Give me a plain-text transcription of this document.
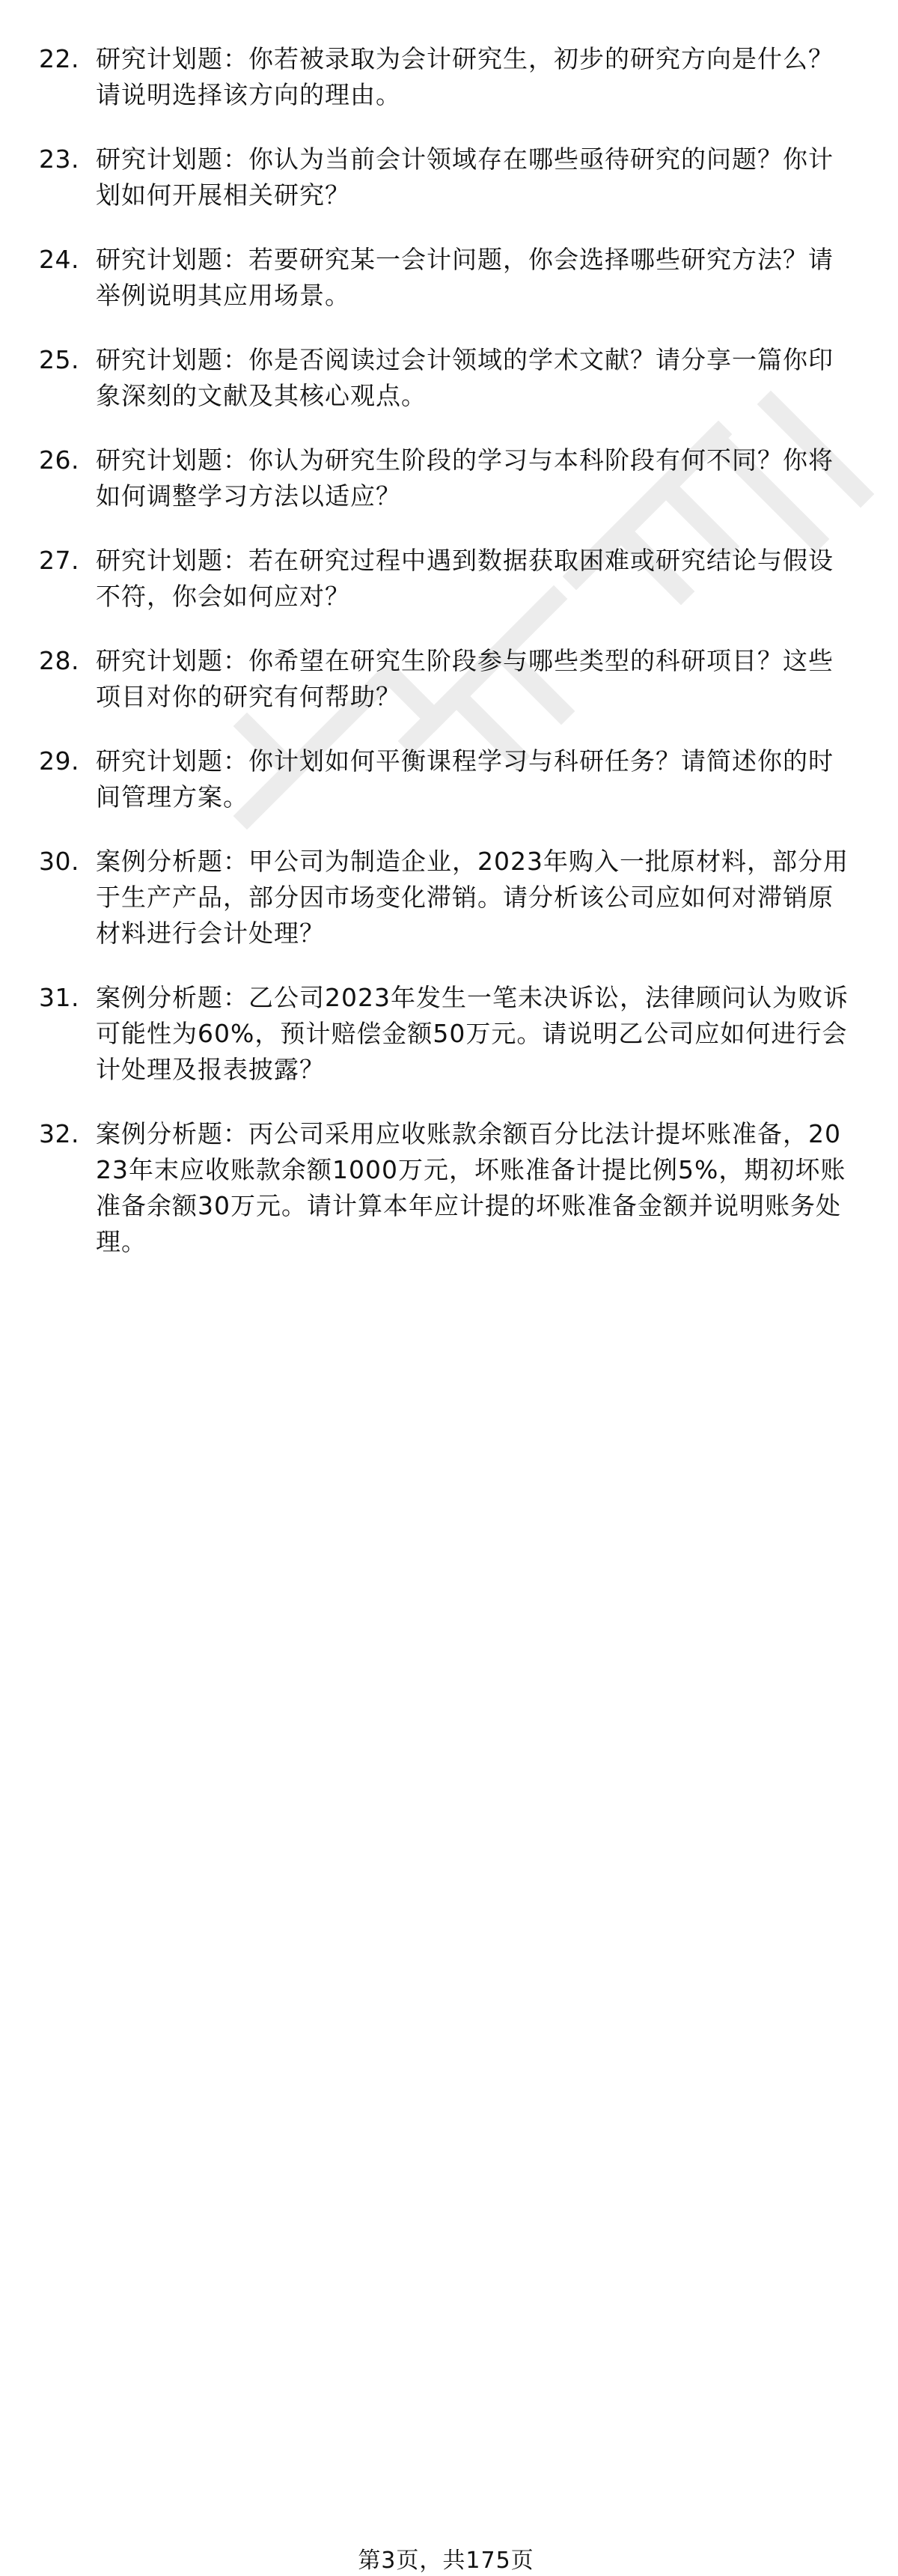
22. 研究计划题：你若被录取为会计研究生，初步的研究方向是什么？请说明选择该方向的理由。
23. 研究计划题：你认为当前会计领域存在哪些亟待研究的问题？你计划如何开展相关研究？
24. 研究计划题：若要研究某一会计问题，你会选择哪些研究方法？请举例说明其应用场景。
25. 研究计划题：你是否阅读过会计领域的学术文献？请分享一篇你印象深刻的文献及其核心观点。
26. 研究计划题：你认为研究生阶段的学习与本科阶段有何不同？你将如何调整学习方法以适应？
27. 研究计划题：若在研究过程中遇到数据获取困难或研究结论与假设不符，你会如何应对？
28. 研究计划题：你希望在研究生阶段参与哪些类型的科研项目？这些项目对你的研究有何帮助？
29. 研究计划题：你计划如何平衡课程学习与科研任务？请简述你的时间管理方案。
30. 案例分析题：甲公司为制造企业，2023年购入一批原材料，部分用于生产产品，部分因市场变化滞销。请分析该公司应如何对滞销原材料进行会计处理？
31. 案例分析题：乙公司2023年发生一笔未决诉讼，法律顾问认为败诉可能性为60%，预计赔偿金额50万元。请说明乙公司应如何进行会计处理及报表披露？
32. 案例分析题：丙公司采用应收账款余额百分比法计提坏账准备，2023年末应收账款余额1000万元，坏账准备计提比例5%，期初坏账准备余额30万元。请计算本年应计提的坏账准备金额并说明账务处理。
第3页，共175页
